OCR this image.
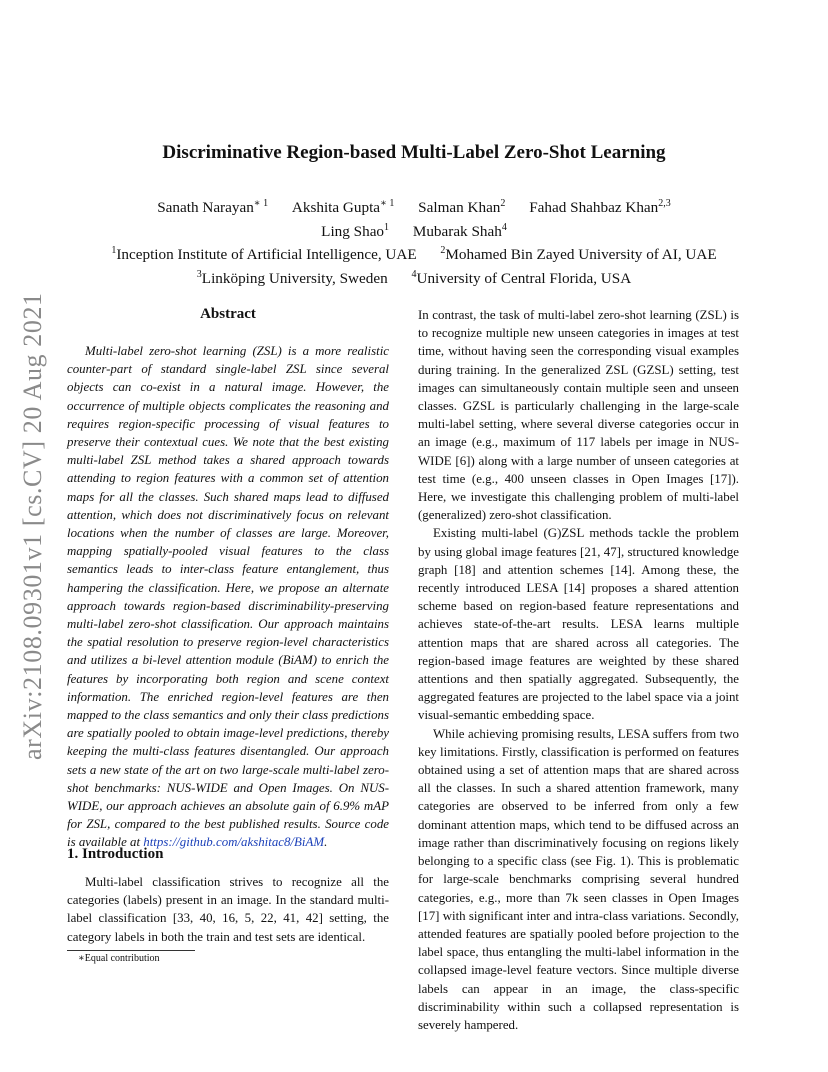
arXiv:2108.09301v1 [cs.CV] 20 Aug 2021
Discriminative Region-based Multi-Label Zero-Shot Learning
Sanath Narayan$^{∗ 1}$ Akshita Gupta$^{∗ 1}$ Salman Khan$^2$ Fahad Shahbaz Khan$^{2,3}$
Ling Shao$^1$ Mubarak Shah$^4$
$^1$Inception Institute of Artificial Intelligence, UAE $^2$Mohamed Bin Zayed University of AI, UAE
$^3$Linköping University, Sweden $^4$University of Central Florida, USA
Abstract
Multi-label zero-shot learning (ZSL) is a more realistic counter-part of standard single-label ZSL since several objects can co-exist in a natural image. However, the occurrence of multiple objects complicates the reasoning and requires region-specific processing of visual features to preserve their contextual cues. We note that the best existing multi-label ZSL method takes a shared approach towards attending to region features with a common set of attention maps for all the classes. Such shared maps lead to diffused attention, which does not discriminatively focus on relevant locations when the number of classes are large. Moreover, mapping spatially-pooled visual features to the class semantics leads to inter-class feature entanglement, thus hampering the classification. Here, we propose an alternate approach towards region-based discriminability-preserving multi-label zero-shot classification. Our approach maintains the spatial resolution to preserve region-level characteristics and utilizes a bi-level attention module (BiAM) to enrich the features by incorporating both region and scene context information. The enriched region-level features are then mapped to the class semantics and only their class predictions are spatially pooled to obtain image-level predictions, thereby keeping the multi-class features disentangled. Our approach sets a new state of the art on two large-scale multi-label zero-shot benchmarks: NUS-WIDE and Open Images. On NUS-WIDE, our approach achieves an absolute gain of 6.9% mAP for ZSL, compared to the best published results. Source code is available at https://github.com/akshitac8/BiAM.
1. Introduction
Multi-label classification strives to recognize all the categories (labels) present in an image. In the standard multi-label classification [33, 40, 16, 5, 22, 41, 42] setting, the category labels in both the train and test sets are identical.
∗Equal contribution

In contrast, the task of multi-label zero-shot learning (ZSL) is to recognize multiple new unseen categories in images at test time, without having seen the corresponding visual examples during training. In the generalized ZSL (GZSL) setting, test images can simultaneously contain multiple seen and unseen classes. GZSL is particularly challenging in the large-scale multi-label setting, where several diverse categories occur in an image (e.g., maximum of 117 labels per image in NUS-WIDE [6]) along with a large number of unseen categories at test time (e.g., 400 unseen classes in Open Images [17]). Here, we investigate this challenging problem of multi-label (generalized) zero-shot classification.

Existing multi-label (G)ZSL methods tackle the problem by using global image features [21, 47], structured knowledge graph [18] and attention schemes [14]. Among these, the recently introduced LESA [14] proposes a shared attention scheme based on region-based feature representations and achieves state-of-the-art results. LESA learns multiple attention maps that are shared across all categories. The region-based image features are weighted by these shared attentions and then spatially aggregated. Subsequently, the aggregated features are projected to the label space via a joint visual-semantic embedding space.

While achieving promising results, LESA suffers from two key limitations. Firstly, classification is performed on features obtained using a set of attention maps that are shared across all the classes. In such a shared attention framework, many categories are observed to be inferred from only a few dominant attention maps, which tend to be diffused across an image rather than discriminatively focusing on regions likely belonging to a specific class (see Fig. 1). This is problematic for large-scale benchmarks comprising several hundred categories, e.g., more than 7k seen classes in Open Images [17] with significant inter and intra-class variations. Secondly, attended features are spatially pooled before projection to the label space, thus entangling the multi-label information in the collapsed image-level feature vectors. Since multiple diverse labels can appear in an image, the class-specific discriminability within such a collapsed representation is severely hampered.
